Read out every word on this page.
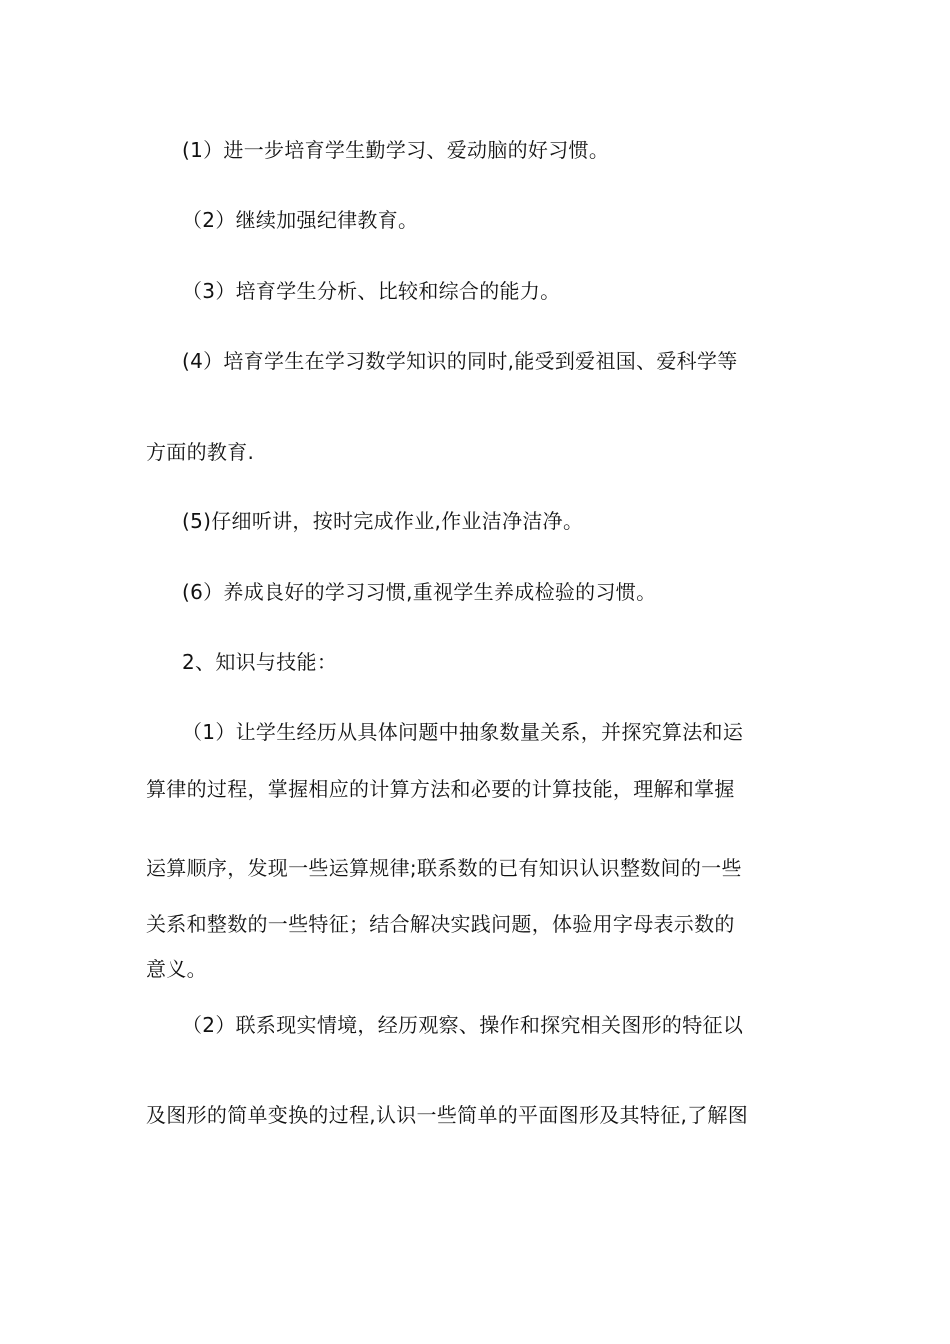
(1）进一步培育学生勤学习、爱动脑的好习惯。
（2）继续加强纪律教育。
（3）培育学生分析、比较和综合的能力。
(4）培育学生在学习数学知识的同时,能受到爱祖国、爱科学等
方面的教育.
(5)仔细听讲，按时完成作业,作业洁净洁净。
(6）养成良好的学习习惯,重视学生养成检验的习惯。
2、知识与技能：
（1）让学生经历从具体问题中抽象数量关系，并探究算法和运
算律的过程，掌握相应的计算方法和必要的计算技能，理解和掌握
运算顺序，发现一些运算规律;联系数的已有知识认识整数间的一些
关系和整数的一些特征；结合解决实践问题，体验用字母表示数的
意义。
（2）联系现实情境，经历观察、操作和探究相关图形的特征以
及图形的简单变换的过程,认识一些简单的平面图形及其特征,了解图
